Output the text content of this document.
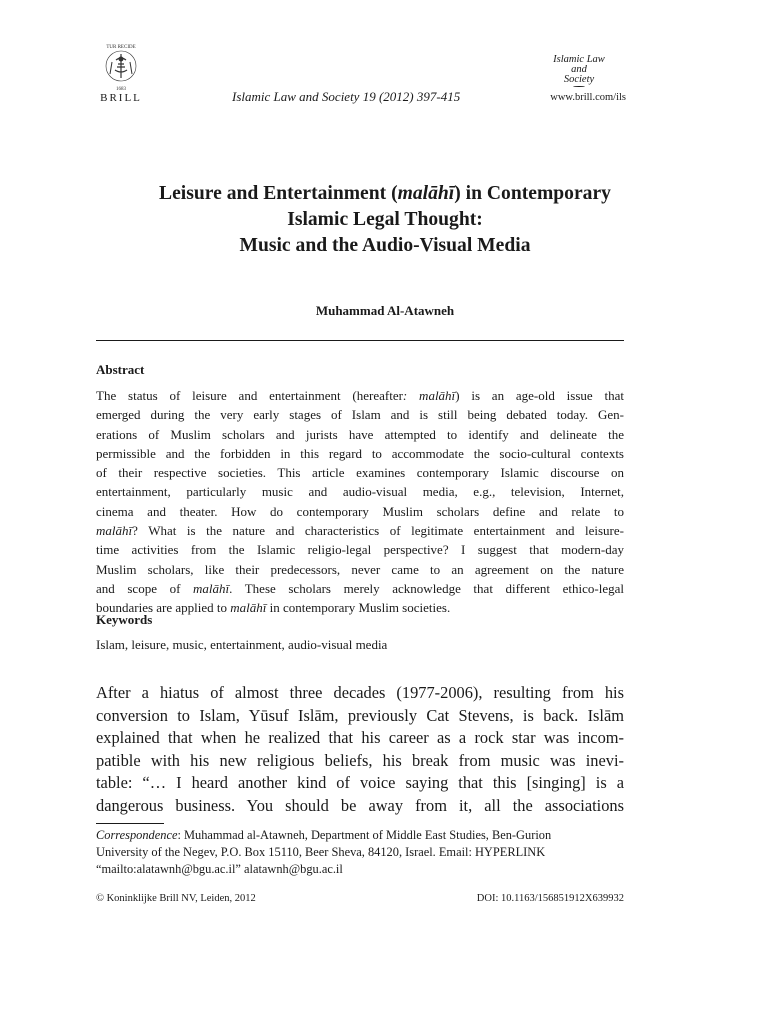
TUR RECIDE
1683
BRILL	Islamic Law and Society 19 (2012) 397-415
Islamic Law
and
Society
www.brill.com/ils
Leisure and Entertainment (malāhī) in Contemporary
Islamic Legal Thought:
Music and the Audio-Visual Media
Muhammad Al-Atawneh
Abstract
The status of leisure and entertainment (hereafter: malāhī) is an age-old issue that
emerged during the very early stages of Islam and is still being debated today. Gen-
erations of Muslim scholars and jurists have attempted to identify and delineate the
permissible and the forbidden in this regard to accommodate the socio-cultural contexts
of their respective societies. This article examines contemporary Islamic discourse on
entertainment, particularly music and audio-visual media, e.g., television, Internet,
cinema and theater. How do contemporary Muslim scholars define and relate to
malāhī? What is the nature and characteristics of legitimate entertainment and leisure-
time activities from the Islamic religio-legal perspective? I suggest that modern-day
Muslim scholars, like their predecessors, never came to an agreement on the nature
and scope of malāhī. These scholars merely acknowledge that different ethico-legal
boundaries are applied to malāhī in contemporary Muslim societies.
Keywords
Islam, leisure, music, entertainment, audio-visual media
After a hiatus of almost three decades (1977-2006), resulting from his
conversion to Islam, Yūsuf Islām, previously Cat Stevens, is back. Islām
explained that when he realized that his career as a rock star was incom-
patible with his new religious beliefs, his break from music was inevi-
table: “… I heard another kind of voice saying that this [singing] is a
dangerous business. You should be away from it, all the associations
Correspondence: Muhammad al-Atawneh, Department of Middle East Studies, Ben-Gurion
University of the Negev, P.O. Box 15110, Beer Sheva, 84120, Israel. Email: HYPERLINK
“mailto:alatawnh@bgu.ac.il” alatawnh@bgu.ac.il
© Koninklijke Brill NV, Leiden, 2012	DOI: 10.1163/156851912X639932
